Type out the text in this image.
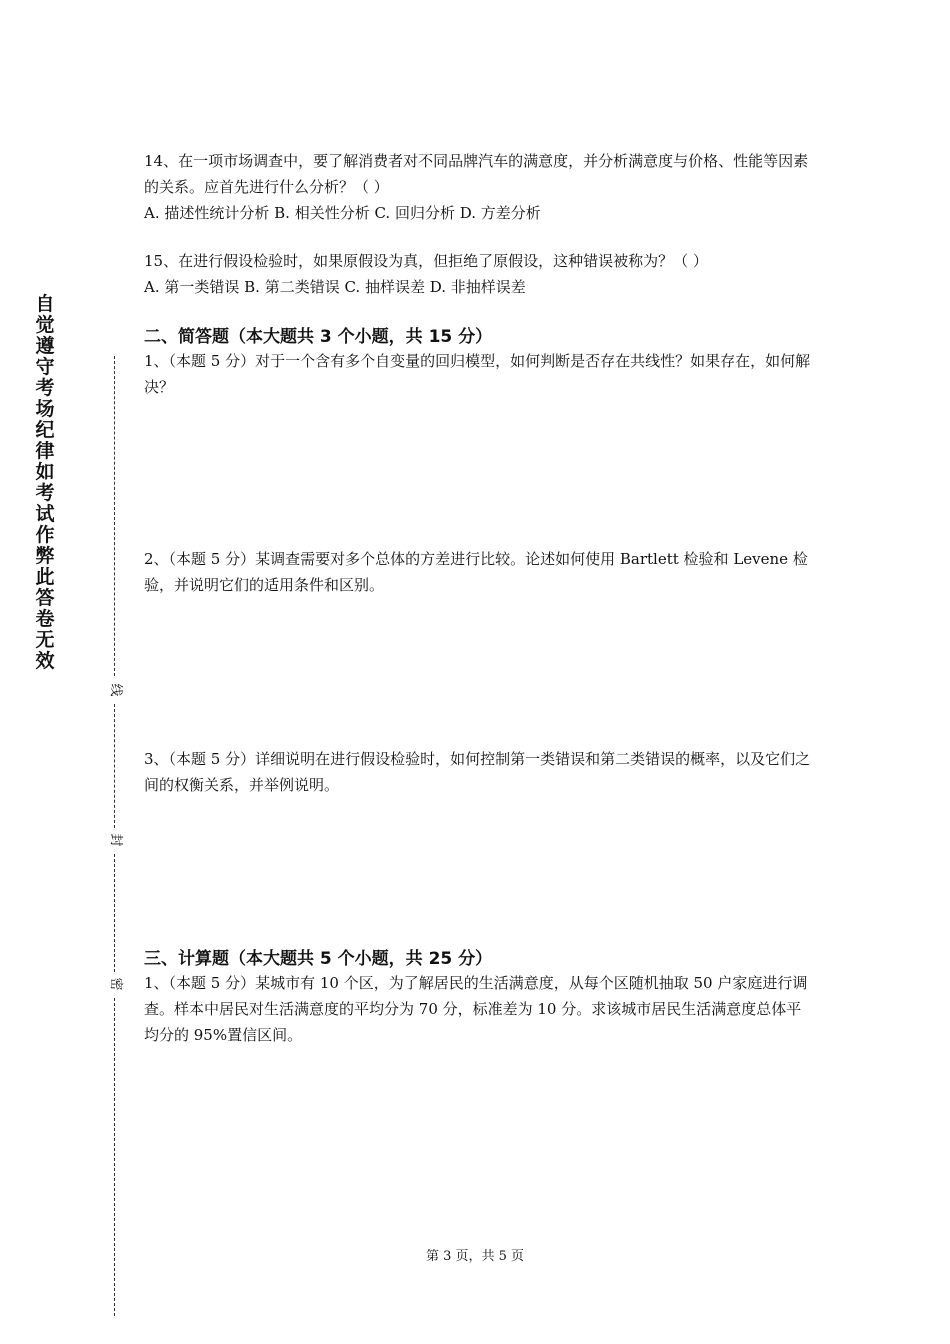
自觉遵守考场纪律如考试作弊此答卷无效
线
封
密

14、在一项市场调查中，要了解消费者对不同品牌汽车的满意度，并分析满意度与价格、性能等因素的关系。应首先进行什么分析？（ ）

A. 描述性统计分析 B. 相关性分析 C. 回归分析 D. 方差分析

15、在进行假设检验时，如果原假设为真，但拒绝了原假设，这种错误被称为？（ ）

A. 第一类错误 B. 第二类错误 C. 抽样误差 D. 非抽样误差

二、简答题（本大题共 3 个小题，共 15 分）

1、（本题 5 分）对于一个含有多个自变量的回归模型，如何判断是否存在共线性？如果存在，如何解决？

2、（本题 5 分）某调查需要对多个总体的方差进行比较。论述如何使用 Bartlett 检验和 Levene 检验，并说明它们的适用条件和区别。

3、（本题 5 分）详细说明在进行假设检验时，如何控制第一类错误和第二类错误的概率，以及它们之间的权衡关系，并举例说明。

三、计算题（本大题共 5 个小题，共 25 分）

1、（本题 5 分）某城市有 10 个区，为了解居民的生活满意度，从每个区随机抽取 50 户家庭进行调查。样本中居民对生活满意度的平均分为 70 分，标准差为 10 分。求该城市居民生活满意度总体平均分的 95%置信区间。

第 3 页，共 5 页
